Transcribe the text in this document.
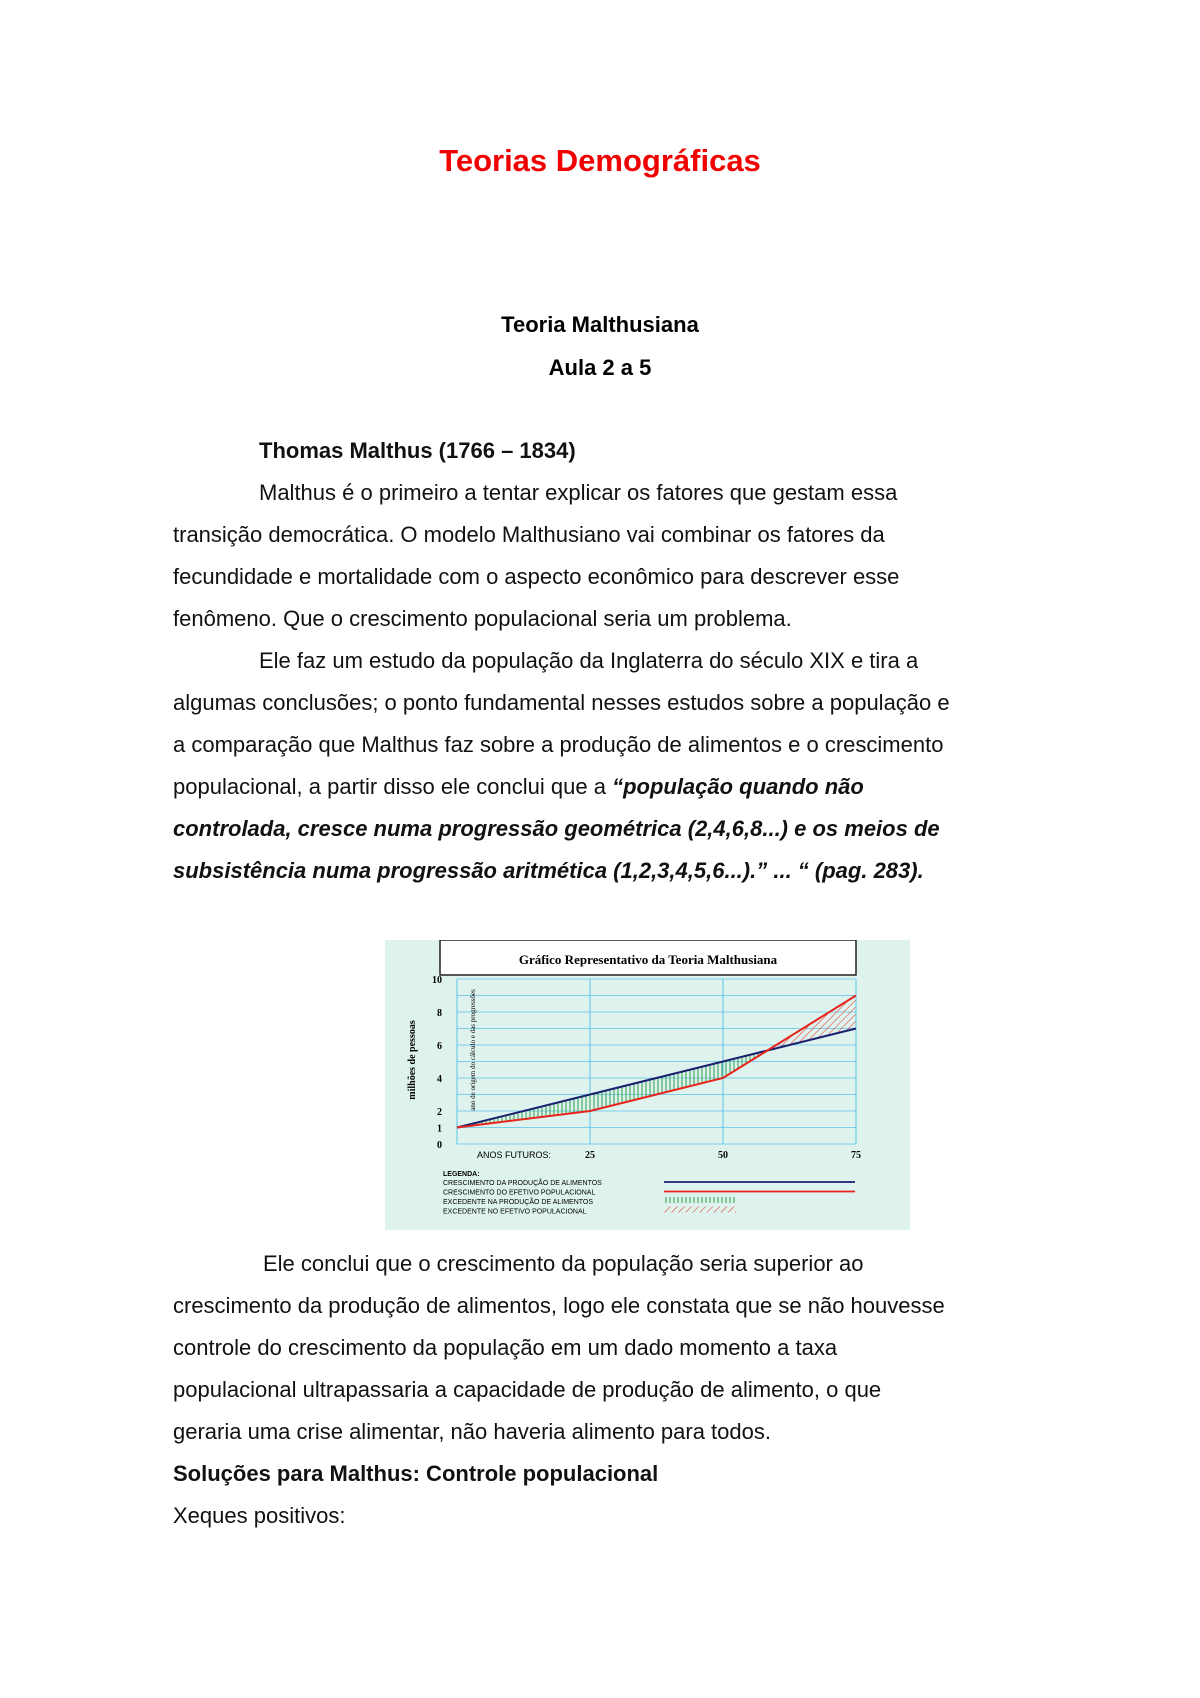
Teorias Demográficas
Teoria Malthusiana
Aula 2 a 5
Thomas Malthus (1766 – 1834)
Malthus é o primeiro a tentar explicar os fatores que gestam essa
transição democrática. O modelo Malthusiano vai combinar os fatores da
fecundidade e mortalidade com o aspecto econômico para descrever esse
fenômeno. Que o crescimento populacional seria um problema.
Ele faz um estudo da população da Inglaterra do século XIX e tira a
algumas conclusões; o ponto fundamental nesses estudos sobre a população e
a comparação que Malthus faz sobre a produção de alimentos e o crescimento
populacional, a partir disso ele conclui que a “população quando não
controlada, cresce numa progressão geométrica (2,4,6,8...) e os meios de
subsistência numa progressão aritmética (1,2,3,4,5,6...).” ... “ (pag. 283).
Gráfico Representativo da Teoria Malthusiana
0
1
2
4
6
8
10
25	50	75
milhões de pessoas	ano de origem do cálculo e das progressões
ANOS FUTUROS:
LEGENDA:
CRESCIMENTO DA PRODUÇÃO DE ALIMENTOS
CRESCIMENTO DO EFETIVO POPULACIONAL
EXCEDENTE NA PRODUÇÃO DE ALIMENTOS
EXCEDENTE NO EFETIVO POPULACIONAL
Ele conclui que o crescimento da população seria superior ao
crescimento da produção de alimentos, logo ele constata que se não houvesse
controle do crescimento da população em um dado momento a taxa
populacional ultrapassaria a capacidade de produção de alimento, o que
geraria uma crise alimentar, não haveria alimento para todos.
Soluções para Malthus: Controle populacional
Xeques positivos:
